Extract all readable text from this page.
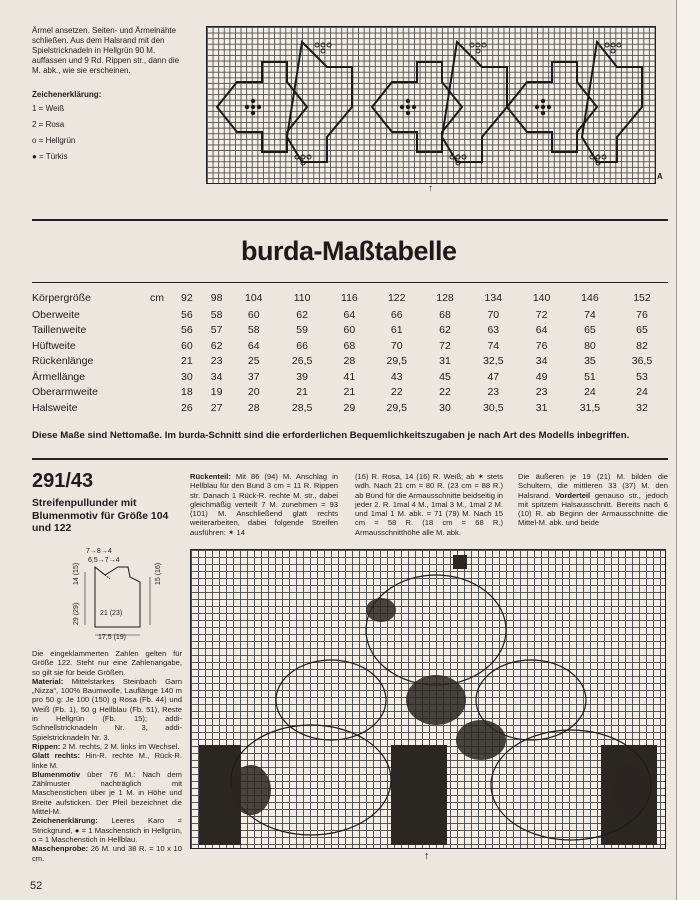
Ärmel ansetzen. Seiten- und Ärmelnähte schließen. Aus dem Halsrand mit den Spielstricknadeln in Hellgrün 90 M. auffassen und 9 Rd. Rippen str., dann die M. abk., wie sie erscheinen.
Zeichenerklärung:
1 = Weiß
2 = Rosa
o = Hellgrün
● = Türkis
A
↑
burda-Maßtabelle
Körpergröße	cm	92	98	104	110	116	122	128	134	140	146	152
Oberweite		56	58	60	62	64	66	68	70	72	74	76
Taillenweite		56	57	58	59	60	61	62	63	64	65	65
Hüftweite		60	62	64	66	68	70	72	74	76	80	82
Rückenlänge		21	23	25	26,5	28	29,5	31	32,5	34	35	36,5
Ärmellänge		30	34	37	39	41	43	45	47	49	51	53
Oberarmweite		18	19	20	21	21	22	22	23	23	24	24
Halsweite		26	27	28	28,5	29	29,5	30	30,5	31	31,5	32
Diese Maße sind Nettomaße. Im burda-Schnitt sind die erforderlichen Bequemlichkeitszugaben je nach Art des Modells inbegriffen.
291/43
Streifenpullunder mit Blumenmotiv für Größe 104 und 122
7→8→4
6,5→7→4
14 (15)	15 (16)
29 (29)	21 (23)
17,5 (19)
Die eingeklammerten Zahlen gelten für Größe 122. Steht nur eine Zahlenangabe, so gilt sie für beide Größen.
Material: Mittelstarkes Steinbach Garn „Nizza“, 100% Baumwolle, Lauflänge 140 m pro 50 g: Je 100 (150) g Rosa (Fb. 44) und Weiß (Fb. 1), 50 g Hellblau (Fb. 51), Reste in Hellgrün (Fb. 15); addi-Schnellstricknadeln Nr. 3, addi-Spielstricknadeln Nr. 3.
Rippen: 2 M. rechts, 2 M. links im Wechsel.
Glatt rechts: Hin-R. rechte M., Rück-R. linke M.
Blumenmotiv über 76 M.: Nach dem Zählmuster nachträglich mit Maschenstichen über je 1 M. in Höhe und Breite aufsticken. Der Pfeil bezeichnet die Mittel-M.
Zeichenerklärung: Leeres Karo = Strickgrund, ● = 1 Maschenstich in Hellgrün, o = 1 Maschenstich in Hellblau.
Maschenprobe: 26 M. und 38 R. = 10 x 10 cm.
Rückenteil: Mit 86 (94) M. Anschlag in Hellblau für den Bund 3 cm = 11 R. Rippen str. Danach 1 Rück-R. rechte M. str., dabei gleichmäßig verteilt 7 M. zunehmen = 93 (101) M. Anschließend glatt rechts weiterarbeiten, dabei folgende Streifen ausführen: ✶ 14
(16) R. Rosa, 14 (16) R. Weiß; ab ✶ stets wdh. Nach 21 cm = 80 R. (23 cm = 88 R.) ab Bund für die Armausschnitte beidseitig in jeder 2. R. 1mal 4 M., 1mal 3 M., 1mal 2 M. und 1mal 1 M. abk. = 71 (79) M. Nach 15 cm = 58 R. (18 cm = 68 R.) Armausschnitthöhe alle M. abk.
Die äußeren je 19 (21) M. bilden die Schultern, die mittleren 33 (37) M. den Halsrand. Vorderteil genauso str., jedoch mit spitzem Halsausschnitt. Bereits nach 6 (10) R. ab Beginn der Armausschnitte die Mittel-M. abk. und beide
↑
52
